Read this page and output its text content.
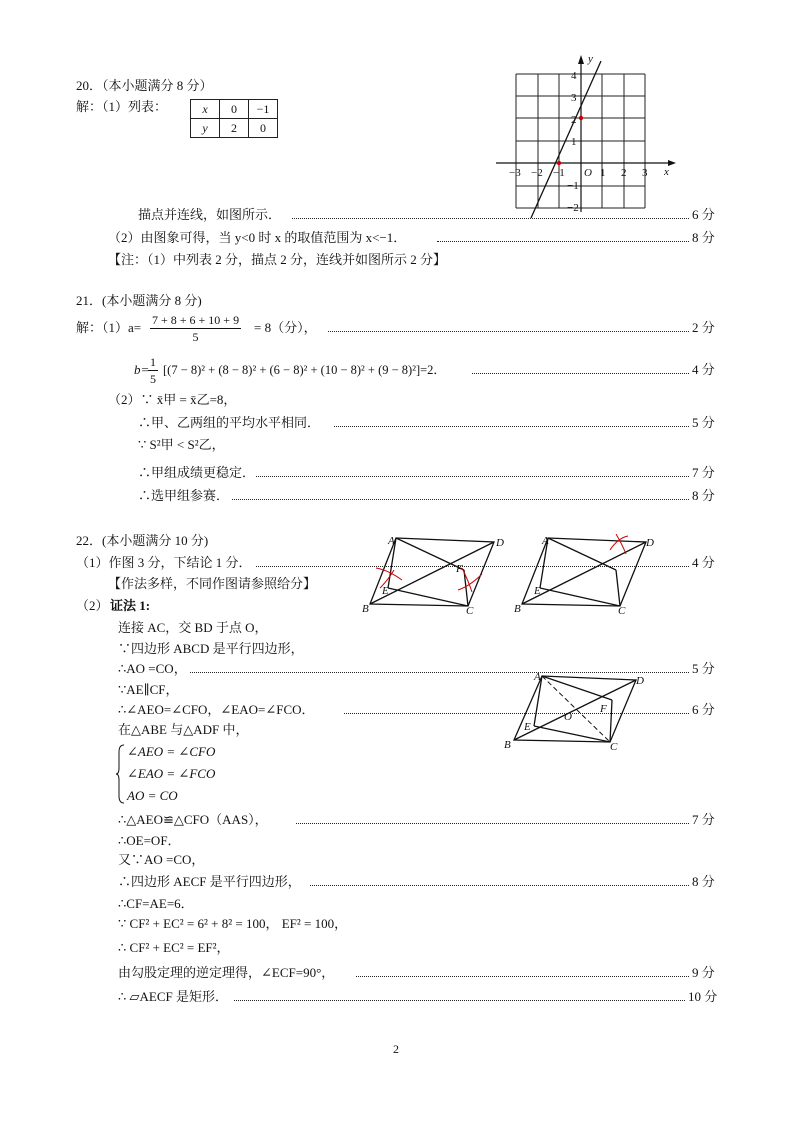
20．（本小题满分 8 分）
解：（1）列表：	x	0	−1
y	2	0
−3 −2 −1	1 2 3
4
3
2
1
−1
−2
O	x
y
描点并连线，如图所示．	6 分
（2）由图象可得，当 y<0 时 x 的取值范围为 x<−1．	8 分
【注：（1）中列表 2 分，描点 2 分，连线并如图所示 2 分】
21．(本小题满分 8 分)
解：$(1)a= \frac{7 + 8 + 6 + 10 + 9}{5} = 8$（分），	2 分
b=
$\frac{1}{5} [(7 - 8)^2 + (8 - 8)^2 + (6 - 8)^2 + (10 - 8)^2 + (9 - 8)^2]=2$．	4 分
（2）∵ x̄甲 = x̄乙=8，
∴甲、乙两组的平均水平相同．	5 分
∵ S²甲 < S²乙，
∴甲组成绩更稳定．	7 分
∴选甲组参赛．	8 分
22．(本小题满分 10 分)
（1）作图 3 分，下结论 1 分．	4 分
【作法多样，不同作图请参照给分】
（2） 证法 1:
A
B	C
D
E
F
A
B	C
D
E
A
B	C
D
E
F
O
连接 AC，交 BD 于点 O，
∵四边形 ABCD 是平行四边形，
∴AO =CO，	5 分
∵AE∥CF，
∴∠AEO=∠CFO，∠EAO=∠FCO．	6 分
在△ABE 与△ADF 中，
∠AEO = ∠CFO
∠EAO = ∠FCO
AO = CO
∴△AEO≌△CFO（AAS），	7 分
∴OE=OF．
又∵AO =CO，
∴四边形 AECF 是平行四边形，	8 分
∴CF=AE=6．
∵ CF² + EC² = 6² + 8² = 100， EF² = 100，
∴ CF² + EC² = EF²，
由勾股定理的逆定理得，∠ECF=90°，	9 分
∴ ▱AECF 是矩形．	10 分
2
